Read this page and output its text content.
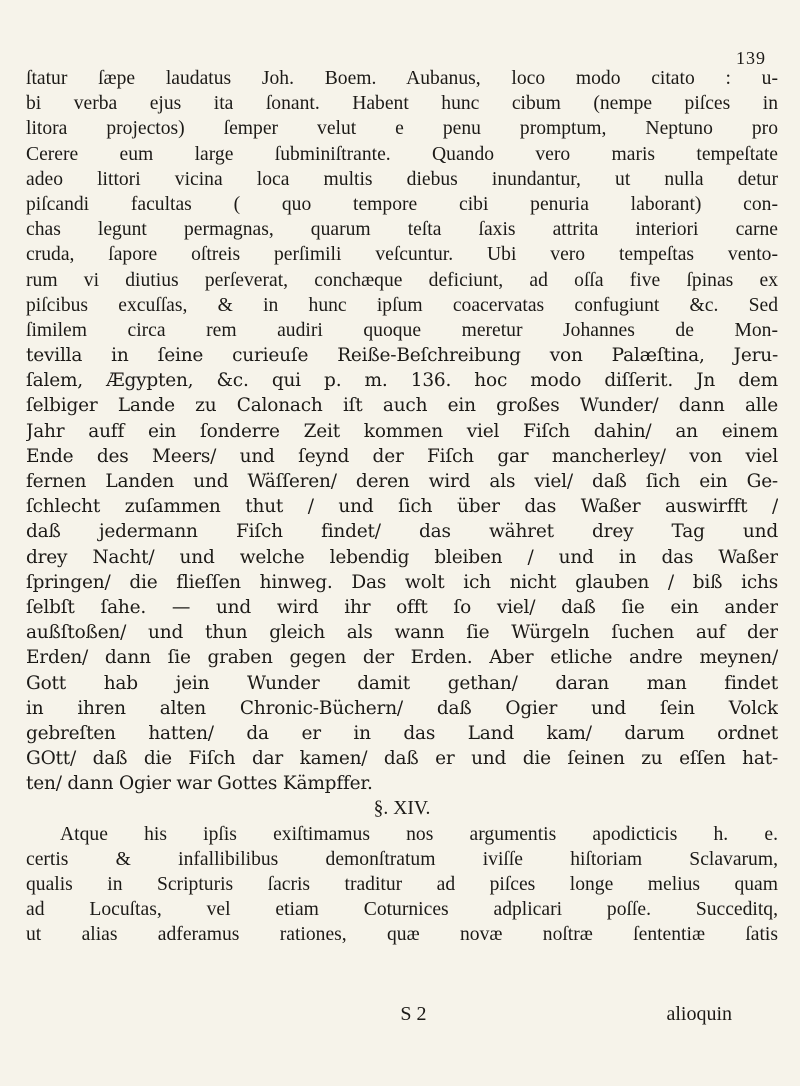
139
ſtatur ſæpe laudatus Joh. Boem. Aubanus, loco modo citato : u-
bi verba ejus ita ſonant. Habent hunc cibum (nempe piſces in
litora projectos) ſemper velut e penu promptum, Neptuno pro
Cerere eum large ſubminiſtrante. Quando vero maris tempeſtate
adeo littori vicina loca multis diebus inundantur, ut nulla detur
piſcandi facultas ( quo tempore cibi penuria laborant) con-
chas legunt permagnas, quarum teſta ſaxis attrita interiori carne
cruda, ſapore oſtreis perſimili veſcuntur. Ubi vero tempeſtas vento-
rum vi diutius perſeverat, conchæque deficiunt, ad oſſa five ſpinas ex
piſcibus excuſſas, & in hunc ipſum coacervatas confugiunt &c. Sed
ſimilem circa rem audiri quoque meretur Johannes de Mon-
tevilla in ſeine curieuſe Reiße-Beſchreibung von Palæſtina, Jeru-
ſalem, Ægypten, &c. qui p. m. 136. hoc modo diſſerit. Jn dem
ſelbiger Lande zu Calonach iſt auch ein großes Wunder/ dann alle
Jahr auff ein ſonderre Zeit kommen viel Fiſch dahin/ an einem
Ende des Meers/ und ſeynd der Fiſch gar mancherley/ von viel
fernen Landen und Wäſſeren/ deren wird als viel/ daß ſich ein Ge-
ſchlecht zuſammen thut / und ſich über das Waßer auswirfft /
daß jedermann Fiſch findet/ das währet drey Tag und
drey Nacht/ und welche lebendig bleiben / und in das Waßer
ſpringen/ die flieſſen hinweg. Das wolt ich nicht glauben / biß ichs
ſelbſt ſahe. — und wird ihr offt ſo viel/ daß ſie ein ander
außſtoßen/ und thun gleich als wann ſie Würgeln ſuchen auf der
Erden/ dann ſie graben gegen der Erden. Aber etliche andre meynen/
Gott hab jein Wunder damit gethan/ daran man findet
in ihren alten Chronic-Büchern/ daß Ogier und ſein Volck
gebreſten hatten/ da er in das Land kam/ darum ordnet
GOtt/ daß die Fiſch dar kamen/ daß er und die ſeinen zu eſſen hat-
ten/ dann Ogier war Gottes Kämpffer.
§. XIV.
Atque his ipſis exiſtimamus nos argumentis apodicticis h. e.
certis & infallibilibus demonſtratum iviſſe hiſtoriam Sclavarum,
qualis in Scripturis ſacris traditur ad piſces longe melius quam
ad Locuſtas, vel etiam Coturnices adplicari poſſe. Succeditq,
ut alias adferamus rationes, quæ novæ noſtræ ſententiæ ſatis
S 2	alioquin
